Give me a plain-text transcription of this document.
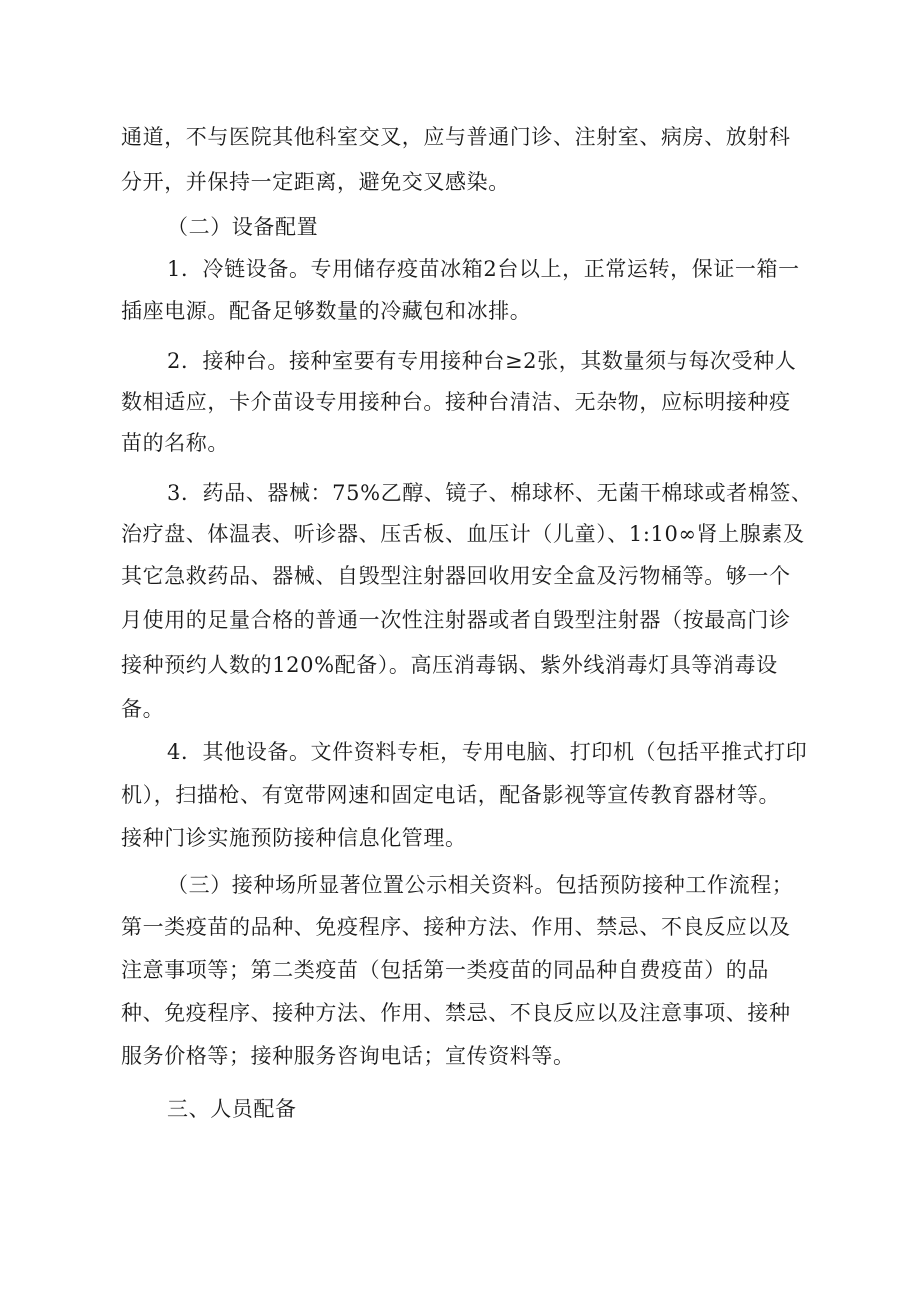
通道，不与医院其他科室交叉，应与普通门诊、注射室、病房、放射科
分开，并保持一定距离，避免交叉感染。
（二）设备配置
1．冷链设备。专用储存疫苗冰箱2台以上，正常运转，保证一箱一
插座电源。配备足够数量的冷藏包和冰排。
2．接种台。接种室要有专用接种台≥2张，其数量须与每次受种人
数相适应，卡介苗设专用接种台。接种台清洁、无杂物，应标明接种疫
苗的名称。
3．药品、器械：75%乙醇、镜子、棉球杯、无菌干棉球或者棉签、
治疗盘、体温表、听诊器、压舌板、血压计（儿童）、1:10∞肾上腺素及
其它急救药品、器械、自毁型注射器回收用安全盒及污物桶等。够一个
月使用的足量合格的普通一次性注射器或者自毁型注射器（按最高门诊
接种预约人数的120%配备）。高压消毒锅、紫外线消毒灯具等消毒设
备。
4．其他设备。文件资料专柜，专用电脑、打印机（包括平推式打印
机），扫描枪、有宽带网速和固定电话，配备影视等宣传教育器材等。
接种门诊实施预防接种信息化管理。
（三）接种场所显著位置公示相关资料。包括预防接种工作流程；
第一类疫苗的品种、免疫程序、接种方法、作用、禁忌、不良反应以及
注意事项等；第二类疫苗（包括第一类疫苗的同品种自费疫苗）的品
种、免疫程序、接种方法、作用、禁忌、不良反应以及注意事项、接种
服务价格等；接种服务咨询电话；宣传资料等。
三、人员配备
